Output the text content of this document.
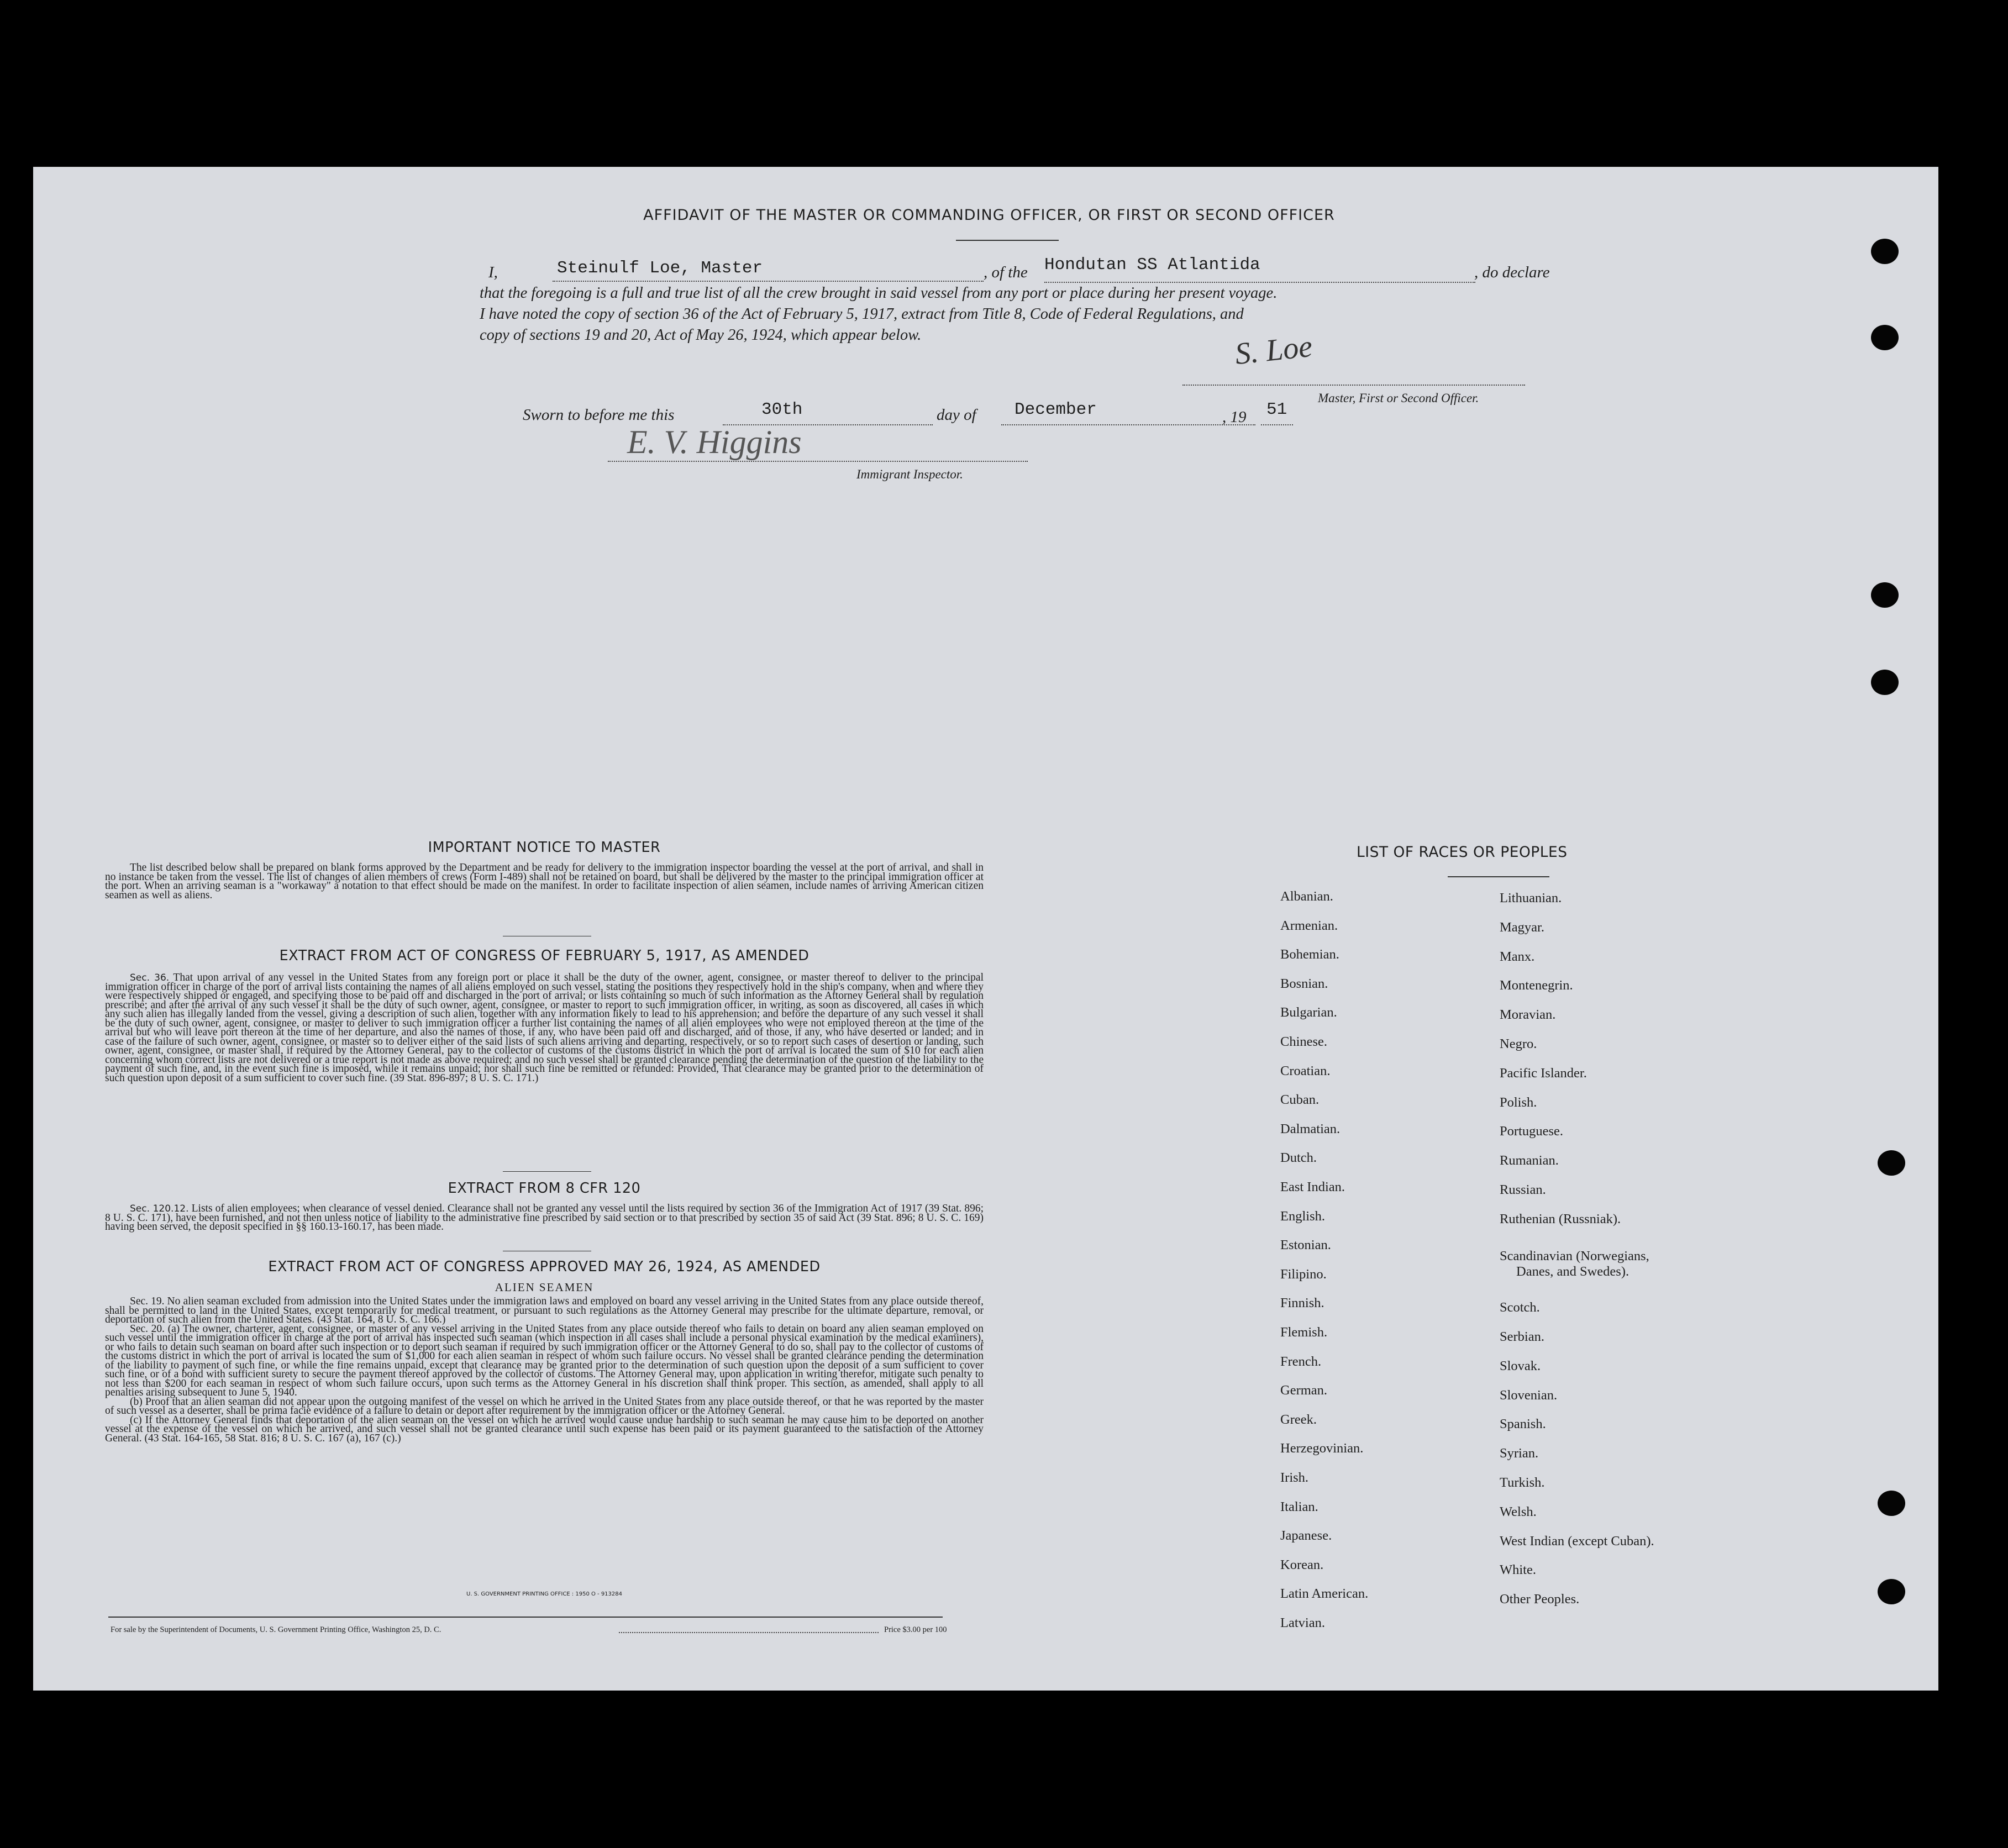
AFFIDAVIT OF THE MASTER OR COMMANDING OFFICER, OR FIRST OR SECOND OFFICER
I,	Steinulf Loe, Master	, of the Hondutan SS Atlantida	, do declare
that the foregoing is a full and true list of all the crew brought in said vessel from any port or place during her present voyage.
I have noted the copy of section 36 of the Act of February 5, 1917, extract from Title 8, Code of Federal Regulations, and
copy of sections 19 and 20, Act of May 26, 1924, which appear below.	S. Loe
Master, First or Second Officer.
Sworn to before me this	30th	day of December	, 19 51
E. V. Higgins
Immigrant Inspector.
IMPORTANT NOTICE TO MASTER
The list described below shall be prepared on blank forms approved by the Department and be ready for delivery to the immigration inspector boarding the vessel at the port of arrival, and shall in no instance be taken from the vessel. The list of changes of alien members of crews (Form I-489) shall not be retained on board, but shall be delivered by the master to the principal immigration officer at the port. When an arriving seaman is a "workaway" a notation to that effect should be made on the manifest. In order to facilitate inspection of alien seamen, include names of arriving American citizen seamen as well as aliens.
EXTRACT FROM ACT OF CONGRESS OF FEBRUARY 5, 1917, AS AMENDED
Sec. 36. That upon arrival of any vessel in the United States from any foreign port or place it shall be the duty of the owner, agent, consignee, or master thereof to deliver to the principal immigration officer in charge of the port of arrival lists containing the names of all aliens employed on such vessel, stating the positions they respectively hold in the ship's company, when and where they were respectively shipped or engaged, and specifying those to be paid off and discharged in the port of arrival; or lists containing so much of such information as the Attorney General shall by regulation prescribe; and after the arrival of any such vessel it shall be the duty of such owner, agent, consignee, or master to report to such immigration officer, in writing, as soon as discovered, all cases in which any such alien has illegally landed from the vessel, giving a description of such alien, together with any information likely to lead to his apprehension; and before the departure of any such vessel it shall be the duty of such owner, agent, consignee, or master to deliver to such immigration officer a further list containing the names of all alien employees who were not employed thereon at the time of the arrival but who will leave port thereon at the time of her departure, and also the names of those, if any, who have been paid off and discharged, and of those, if any, who have deserted or landed; and in case of the failure of such owner, agent, consignee, or master so to deliver either of the said lists of such aliens arriving and departing, respectively, or so to report such cases of desertion or landing, such owner, agent, consignee, or master shall, if required by the Attorney General, pay to the collector of customs of the customs district in which the port of arrival is located the sum of $10 for each alien concerning whom correct lists are not delivered or a true report is not made as above required; and no such vessel shall be granted clearance pending the determination of the question of the liability to the payment of such fine, and, in the event such fine is imposed, while it remains unpaid; nor shall such fine be remitted or refunded: Provided, That clearance may be granted prior to the determination of such question upon deposit of a sum sufficient to cover such fine. (39 Stat. 896-897; 8 U. S. C. 171.)
EXTRACT FROM 8 CFR 120
Sec. 120.12. Lists of alien employees; when clearance of vessel denied. Clearance shall not be granted any vessel until the lists required by section 36 of the Immigration Act of 1917 (39 Stat. 896; 8 U. S. C. 171), have been furnished, and not then unless notice of liability to the administrative fine prescribed by said section or to that prescribed by section 35 of said Act (39 Stat. 896; 8 U. S. C. 169) having been served, the deposit specified in §§ 160.13-160.17, has been made.
EXTRACT FROM ACT OF CONGRESS APPROVED MAY 26, 1924, AS AMENDED
ALIEN SEAMEN
Sec. 19. No alien seaman excluded from admission into the United States under the immigration laws and employed on board any vessel arriving in the United States from any place outside thereof, shall be permitted to land in the United States, except temporarily for medical treatment, or pursuant to such regulations as the Attorney General may prescribe for the ultimate departure, removal, or deportation of such alien from the United States. (43 Stat. 164, 8 U. S. C. 166.)
Sec. 20. (a) The owner, charterer, agent, consignee, or master of any vessel arriving in the United States from any place outside thereof who fails to detain on board any alien seaman employed on such vessel until the immigration officer in charge at the port of arrival has inspected such seaman (which inspection in all cases shall include a personal physical examination by the medical examiners), or who fails to detain such seaman on board after such inspection or to deport such seaman if required by such immigration officer or the Attorney General to do so, shall pay to the collector of customs of the customs district in which the port of arrival is located the sum of $1,000 for each alien seaman in respect of whom such failure occurs. No vessel shall be granted clearance pending the determination of the liability to payment of such fine, or while the fine remains unpaid, except that clearance may be granted prior to the determination of such question upon the deposit of a sum sufficient to cover such fine, or of a bond with sufficient surety to secure the payment thereof approved by the collector of customs. The Attorney General may, upon application in writing therefor, mitigate such penalty to not less than $200 for each seaman in respect of whom such failure occurs, upon such terms as the Attorney General in his discretion shall think proper. This section, as amended, shall apply to all penalties arising subsequent to June 5, 1940.
(b) Proof that an alien seaman did not appear upon the outgoing manifest of the vessel on which he arrived in the United States from any place outside thereof, or that he was reported by the master of such vessel as a deserter, shall be prima facie evidence of a failure to detain or deport after requirement by the immigration officer or the Attorney General.
(c) If the Attorney General finds that deportation of the alien seaman on the vessel on which he arrived would cause undue hardship to such seaman he may cause him to be deported on another vessel at the expense of the vessel on which he arrived, and such vessel shall not be granted clearance until such expense has been paid or its payment guaranteed to the satisfaction of the Attorney General. (43 Stat. 164-165, 58 Stat. 816; 8 U. S. C. 167 (a), 167 (c).)
U. S. GOVERNMENT PRINTING OFFICE : 1950 O - 913284
For sale by the Superintendent of Documents, U. S. Government Printing Office, Washington 25, D. C.	Price $3.00 per 100
LIST OF RACES OR PEOPLES
Albanian.
Armenian.
Bohemian.
Bosnian.
Bulgarian.
Chinese.
Croatian.
Cuban.
Dalmatian.
Dutch.
East Indian.
English.
Estonian.
Filipino.
Finnish.
Flemish.
French.
German.
Greek.
Herzegovinian.
Irish.
Italian.
Japanese.
Korean.
Latin American.
Latvian.
Lithuanian.
Magyar.
Manx.
Montenegrin.
Moravian.
Negro.
Pacific Islander.
Polish.
Portuguese.
Rumanian.
Russian.
Ruthenian (Russniak).
Scandinavian (Norwegians,
Danes, and Swedes).
Scotch.
Serbian.
Slovak.
Slovenian.
Spanish.
Syrian.
Turkish.
Welsh.
West Indian (except Cuban).
White.
Other Peoples.
